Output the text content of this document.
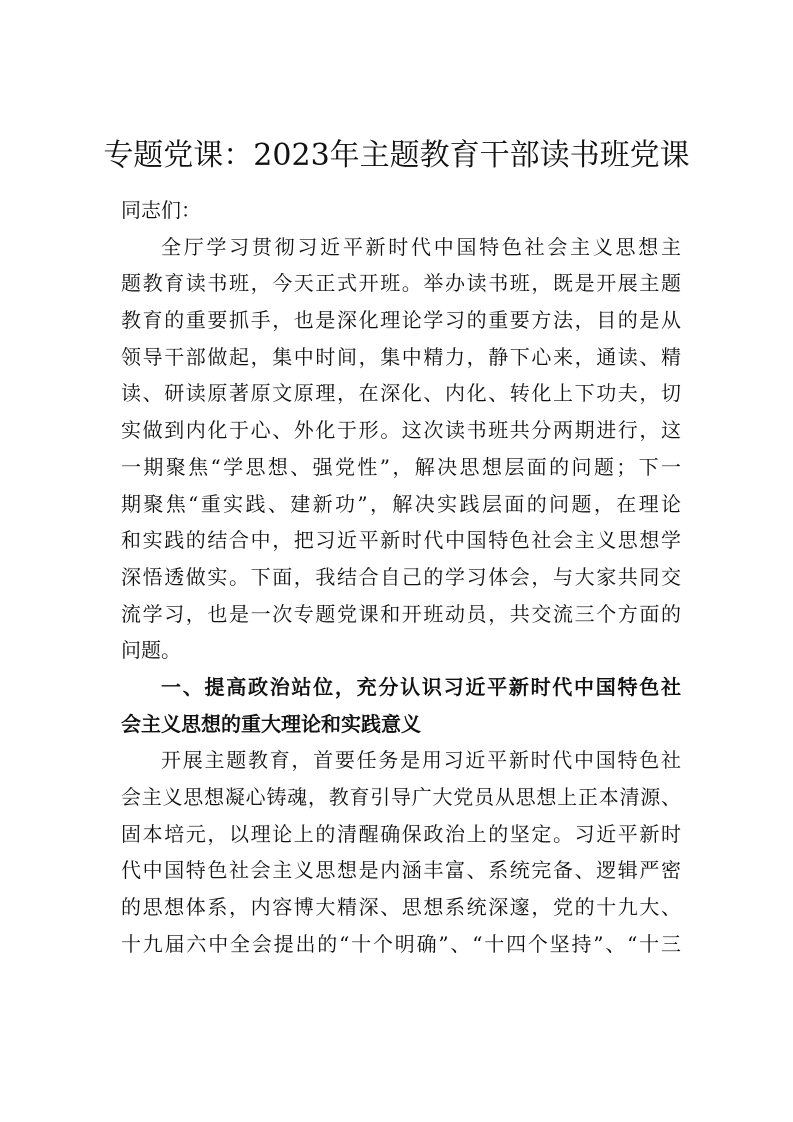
专题党课：2023年主题教育干部读书班党课
同志们：
全厅学习贯彻习近平新时代中国特色社会主义思想主
题教育读书班，今天正式开班。举办读书班，既是开展主题
教育的重要抓手，也是深化理论学习的重要方法，目的是从
领导干部做起，集中时间，集中精力，静下心来，通读、精
读、研读原著原文原理，在深化、内化、转化上下功夫，切
实做到内化于心、外化于形。这次读书班共分两期进行，这
一期聚焦“学思想、强党性”，解决思想层面的问题；下一
期聚焦“重实践、建新功”，解决实践层面的问题，在理论
和实践的结合中，把习近平新时代中国特色社会主义思想学
深悟透做实。下面，我结合自己的学习体会，与大家共同交
流学习，也是一次专题党课和开班动员，共交流三个方面的
问题。
一、提高政治站位，充分认识习近平新时代中国特色社
会主义思想的重大理论和实践意义
开展主题教育，首要任务是用习近平新时代中国特色社
会主义思想凝心铸魂，教育引导广大党员从思想上正本清源、
固本培元，以理论上的清醒确保政治上的坚定。习近平新时
代中国特色社会主义思想是内涵丰富、系统完备、逻辑严密
的思想体系，内容博大精深、思想系统深邃，党的十九大、
十九届六中全会提出的“十个明确”、“十四个坚持”、“十三
